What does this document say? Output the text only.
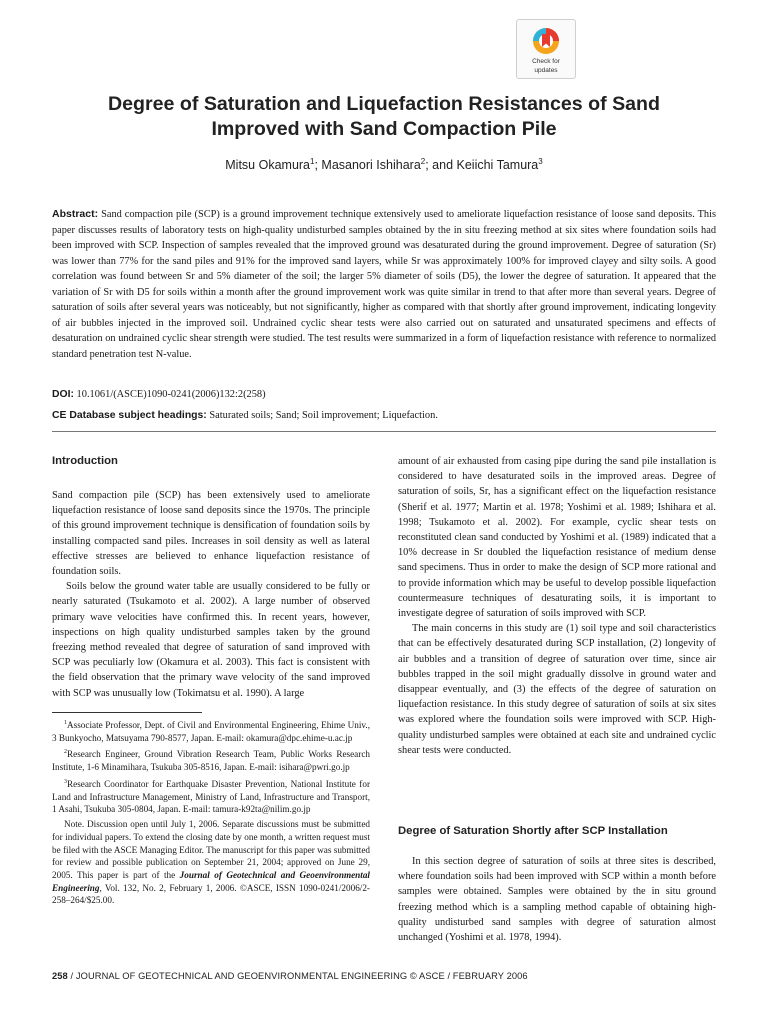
Check for
updates
Degree of Saturation and Liquefaction Resistances of Sand
Improved with Sand Compaction Pile
Mitsu Okamura$^1$; Masanori Ishihara$^2$; and Keiichi Tamura$^3$
Abstract: Sand compaction pile (SCP) is a ground improvement technique extensively used to ameliorate liquefaction resistance of loose sand deposits. This paper discusses results of laboratory tests on high-quality undisturbed samples obtained by the in situ freezing method at six sites where foundation soils had been improved with SCP. Inspection of samples revealed that the improved ground was desaturated during the ground improvement. Degree of saturation (Sr) was lower than 77% for the sand piles and 91% for the improved sand layers, while Sr was approximately 100% for improved clayey and silty soils. A good correlation was found between Sr and 5% diameter of the soil; the larger 5% diameter of soils (D5), the lower the degree of saturation. It appeared that the variation of Sr with D5 for soils within a month after the ground improvement work was quite similar in trend to that after more than several years. Degree of saturation of soils after several years was noticeably, but not significantly, higher as compared with that shortly after ground improvement, indicating longevity of air bubbles injected in the improved soil. Undrained cyclic shear tests were also carried out on saturated and unsaturated specimens and effects of desaturation on undrained cyclic shear strength were studied. The test results were summarized in a form of liquefaction resistance with reference to normalized standard penetration test N-value.
DOI: 10.1061/(ASCE)1090-0241(2006)132:2(258)
CE Database subject headings: Saturated soils; Sand; Soil improvement; Liquefaction.
Introduction

Sand compaction pile (SCP) has been extensively used to ameliorate liquefaction resistance of loose sand deposits since the 1970s. The principle of this ground improvement technique is densification of foundation soils by installing compacted sand piles. Increases in soil density as well as lateral effective stresses are believed to enhance liquefaction resistance of foundation soils.

Soils below the ground water table are usually considered to be fully or nearly saturated (Tsukamoto et al. 2002). A large number of observed primary wave velocities have confirmed this. In recent years, however, inspections on high quality undisturbed samples taken by the ground freezing method revealed that degree of saturation of sand improved with SCP was peculiarly low (Okamura et al. 2003). This fact is consistent with the field observation that the primary wave velocity of the sand improved with SCP was unusually low (Tokimatsu et al. 1990). A large

$^1$Associate Professor, Dept. of Civil and Environmental Engineering, Ehime Univ., 3 Bunkyocho, Matsuyama 790-8577, Japan. E-mail: okamura@dpc.ehime-u.ac.jp

$^2$Research Engineer, Ground Vibration Research Team, Public Works Research Institute, 1-6 Minamihara, Tsukuba 305-8516, Japan. E-mail: isihara@pwri.go.jp

$^3$Research Coordinator for Earthquake Disaster Prevention, National Institute for Land and Infrastructure Management, Ministry of Land, Infrastructure and Transport, 1 Asahi, Tsukuba 305-0804, Japan. E-mail: tamura-k92ta@nilim.go.jp

Note. Discussion open until July 1, 2006. Separate discussions must be submitted for individual papers. To extend the closing date by one month, a written request must be filed with the ASCE Managing Editor. The manuscript for this paper was submitted for review and possible publication on September 21, 2004; approved on June 29, 2005. This paper is part of the Journal of Geotechnical and Geoenvironmental Engineering, Vol. 132, No. 2, February 1, 2006. ©ASCE, ISSN 1090-0241/2006/2-258–264/$25.00.

amount of air exhausted from casing pipe during the sand pile installation is considered to have desaturated soils in the improved areas. Degree of saturation of soils, Sr, has a significant effect on the liquefaction resistance (Sherif et al. 1977; Martin et al. 1978; Yoshimi et al. 1989; Ishihara et al. 1998; Tsukamoto et al. 2002). For example, cyclic shear tests on reconstituted clean sand conducted by Yoshimi et al. (1989) indicated that a 10% decrease in Sr doubled the liquefaction resistance of medium dense sand specimens. Thus in order to make the design of SCP more rational and to provide information which may be useful to develop possible liquefaction countermeasure techniques of desaturating soils, it is important to investigate degree of saturation of soils improved with SCP.

The main concerns in this study are (1) soil type and soil characteristics that can be effectively desaturated during SCP installation, (2) longevity of air bubbles and a transition of degree of saturation over time, since air bubbles trapped in the soil might gradually dissolve in ground water and disappear eventually, and (3) the effects of the degree of saturation on liquefaction resistance. In this study degree of saturation of soils at six sites was explored where the foundation soils were improved with SCP. High-quality undisturbed samples were obtained at each site and undrained cyclic shear tests were conducted.

Degree of Saturation Shortly after SCP Installation

In this section degree of saturation of soils at three sites is described, where foundation soils had been improved with SCP within a month before samples were obtained. Samples were obtained by the in situ ground freezing method which is a sampling method capable of obtaining high-quality undisturbed sand samples with degree of saturation almost unchanged (Yoshimi et al. 1978, 1994).

258 / JOURNAL OF GEOTECHNICAL AND GEOENVIRONMENTAL ENGINEERING © ASCE / FEBRUARY 2006
